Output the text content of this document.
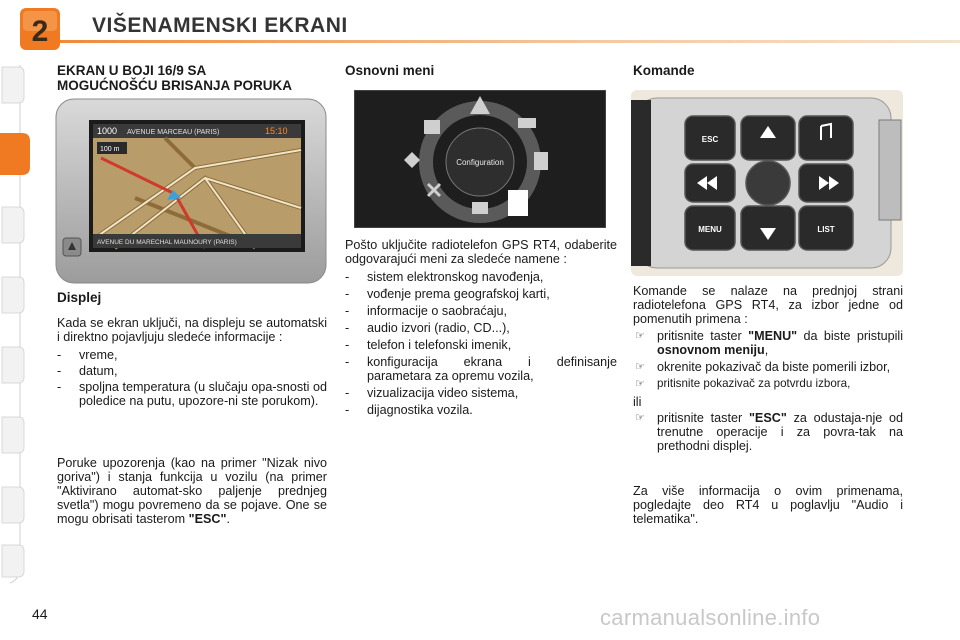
2 VIŠENAMENSKI EKRANI
EKRAN U BOJI 16/9 SA
MOGUĆNOŠĆU BRISANJA PORUKA
1000 AVENUE MARCEAU (PARIS)	15:10
100 m
AVENUE DU MARECHAL MAUNOURY (PARIS)
Displej
Kada se ekran uključi, na displeju se automatski i direktno pojavljuju sledeće informacije :
- vreme,
- datum,
- spoljna temperatura (u slučaju opa-snosti od poledice na putu, upozore-ni ste porukom).
Poruke upozorenja (kao na primer "Nizak nivo goriva") i stanja funkcija u vozilu (na primer "Aktivirano automat-sko paljenje prednjeg svetla") mogu povremeno da se pojave. One se mogu obrisati tasterom "ESC".
Osnovni meni
Configuration
Pošto uključite radiotelefon GPS RT4, odaberite odgovarajući meni za sledeće namene :
- sistem elektronskog navođenja,
- vođenje prema geografskoj karti,
- informacije o saobraćaju,
- audio izvori (radio, CD...),
- telefon i telefonski imenik,
- konfiguracija ekrana i definisanje parametara za opremu vozila,
- vizualizacija video sistema,
- dijagnostika vozila.
Komande
ESC
MENU	LIST
Komande se nalaze na prednjoj strani radiotelefona GPS RT4, za izbor jedne od pomenutih primena :
☞ pritisnite taster "MENU" da biste pristupili osnovnom meniju,
☞ okrenite pokazivač da biste pomerili izbor,
☞ pritisnite pokazivač za potvrdu izbora,
ili
☞ pritisnite taster "ESC" za odustaja-nje od trenutne operacije i za povra-tak na prethodni displej.
Za više informacija o ovim primenama, pogledajte deo RT4 u poglavlju "Audio i telematika".
44	carmanualsonline.info
